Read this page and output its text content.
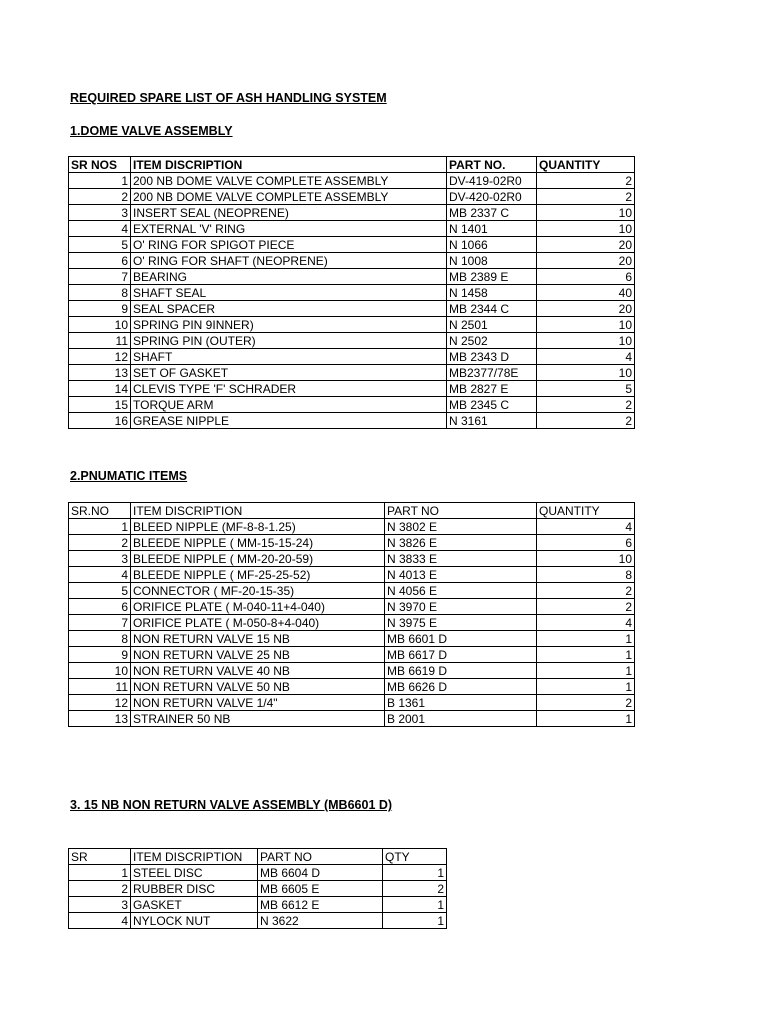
REQUIRED SPARE LIST OF ASH HANDLING SYSTEM
1.DOME VALVE ASSEMBLY
SR NOS	ITEM DISCRIPTION	PART NO.	QUANTITY
1	200 NB DOME VALVE COMPLETE ASSEMBLY	DV-419-02R0	2
2	200 NB DOME VALVE COMPLETE ASSEMBLY	DV-420-02R0	2
3	INSERT SEAL (NEOPRENE)	MB 2337 C	10
4	EXTERNAL 'V' RING	N 1401	10
5	O' RING FOR SPIGOT PIECE	N 1066	20
6	O' RING FOR SHAFT (NEOPRENE)	N 1008	20
7	BEARING	MB 2389 E	6
8	SHAFT SEAL	N 1458	40
9	SEAL SPACER	MB 2344 C	20
10	SPRING PIN 9INNER)	N 2501	10
11	SPRING PIN (OUTER)	N 2502	10
12	SHAFT	MB 2343 D	4
13	SET OF GASKET	MB2377/78E	10
14	CLEVIS TYPE 'F' SCHRADER	MB 2827 E	5
15	TORQUE ARM	MB 2345 C	2
16	GREASE NIPPLE	N 3161	2
2.PNUMATIC ITEMS
SR.NO	ITEM DISCRIPTION	PART NO	QUANTITY
1	BLEED NIPPLE (MF-8-8-1.25)	N 3802 E	4
2	BLEEDE NIPPLE ( MM-15-15-24)	N 3826 E	6
3	BLEEDE NIPPLE ( MM-20-20-59)	N 3833 E	10
4	BLEEDE NIPPLE ( MF-25-25-52)	N 4013 E	8
5	CONNECTOR ( MF-20-15-35)	N 4056 E	2
6	ORIFICE PLATE ( M-040-11+4-040)	N 3970 E	2
7	ORIFICE PLATE ( M-050-8+4-040)	N 3975 E	4
8	NON RETURN VALVE 15 NB	MB 6601 D	1
9	NON RETURN VALVE 25 NB	MB 6617 D	1
10	NON RETURN VALVE 40 NB	MB 6619 D	1
11	NON RETURN VALVE 50 NB	MB 6626 D	1
12	NON RETURN VALVE 1/4"	B 1361	2
13	STRAINER 50 NB	B 2001	1
3. 15 NB NON RETURN VALVE ASSEMBLY (MB6601 D)
SR	ITEM DISCRIPTION	PART NO	QTY
1	STEEL DISC	MB 6604 D	1
2	RUBBER DISC	MB 6605 E	2
3	GASKET	MB 6612 E	1
4	NYLOCK NUT	N 3622	1
